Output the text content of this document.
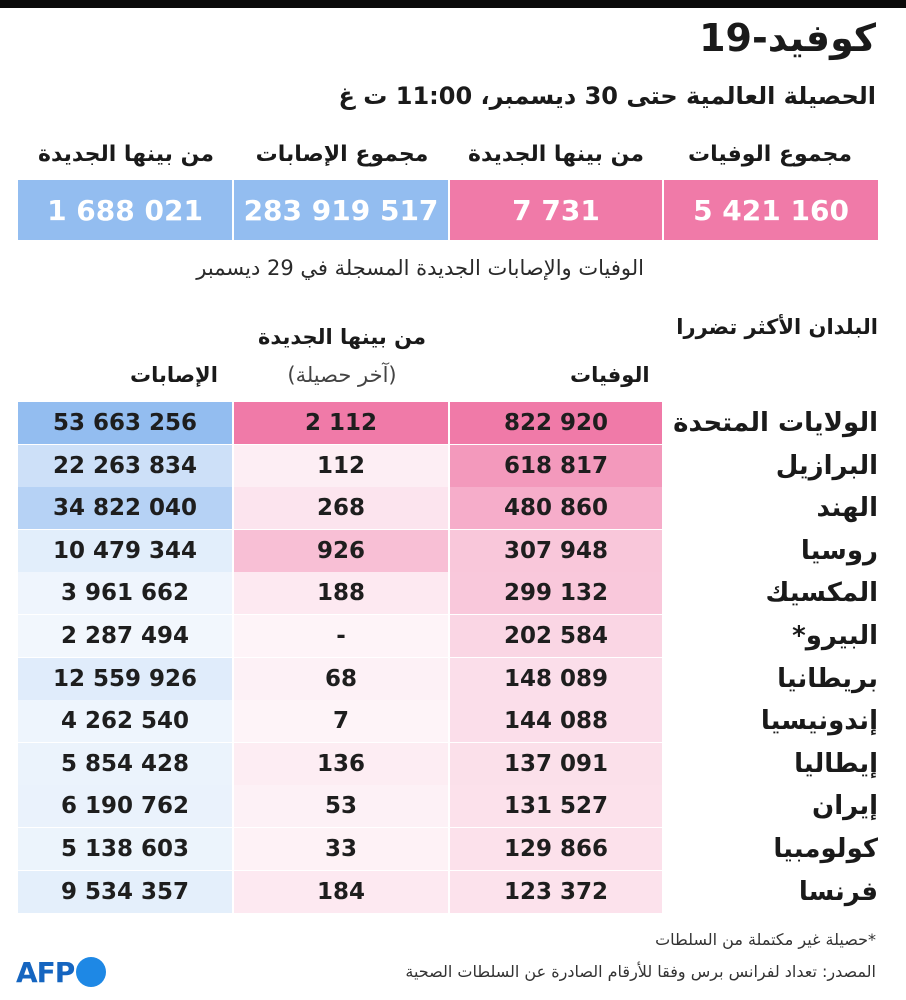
كوفيد-19
الحصيلة العالمية حتى 30 ديسمبر، 11:00 ت غ
مجموع الوفيات
من بينها الجديدة
مجموع الإصابات
من بينها الجديدة
5 421 160
7 731
283 919 517
1 688 021
الوفيات والإصابات الجديدة المسجلة في 29 ديسمبر
البلدان الأكثر تضررا
من بينها الجديدة
(آخر حصيلة)	الوفيات
الإصابات
الولايات المتحدة
822 920
2 112
53 663 256
البرازيل
618 817
112
22 263 834
الهند
480 860
268
34 822 040
روسيا
307 948
926
10 479 344
المكسيك
299 132
188
3 961 662
البيرو*
202 584
-
2 287 494
بريطانيا
148 089
68
12 559 926
إندونيسيا
144 088
7
4 262 540
إيطاليا
137 091
136
5 854 428
إيران
131 527
53
6 190 762
كولومبيا
129 866
33
5 138 603
فرنسا
123 372
184
9 534 357
*حصيلة غير مكتملة من السلطات
المصدر: تعداد لفرانس برس وفقا للأرقام الصادرة عن السلطات الصحية
AFP
